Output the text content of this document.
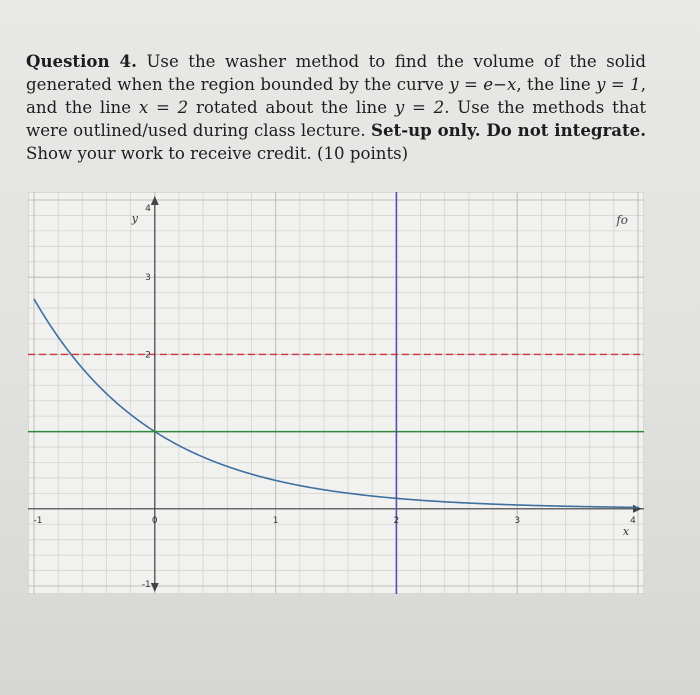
Question 4. Use the washer method to find the volume of the solid generated when the region bounded by the curve y = e−x, the line y = 1, and the line x = 2 rotated about the line y = 2. Use the methods that were outlined/used during class lecture. Set-up only. Do not integrate. Show your work to receive credit. (10 points)
-1	0	1	2	3	4
-1
2
3
4
x
y	fo
